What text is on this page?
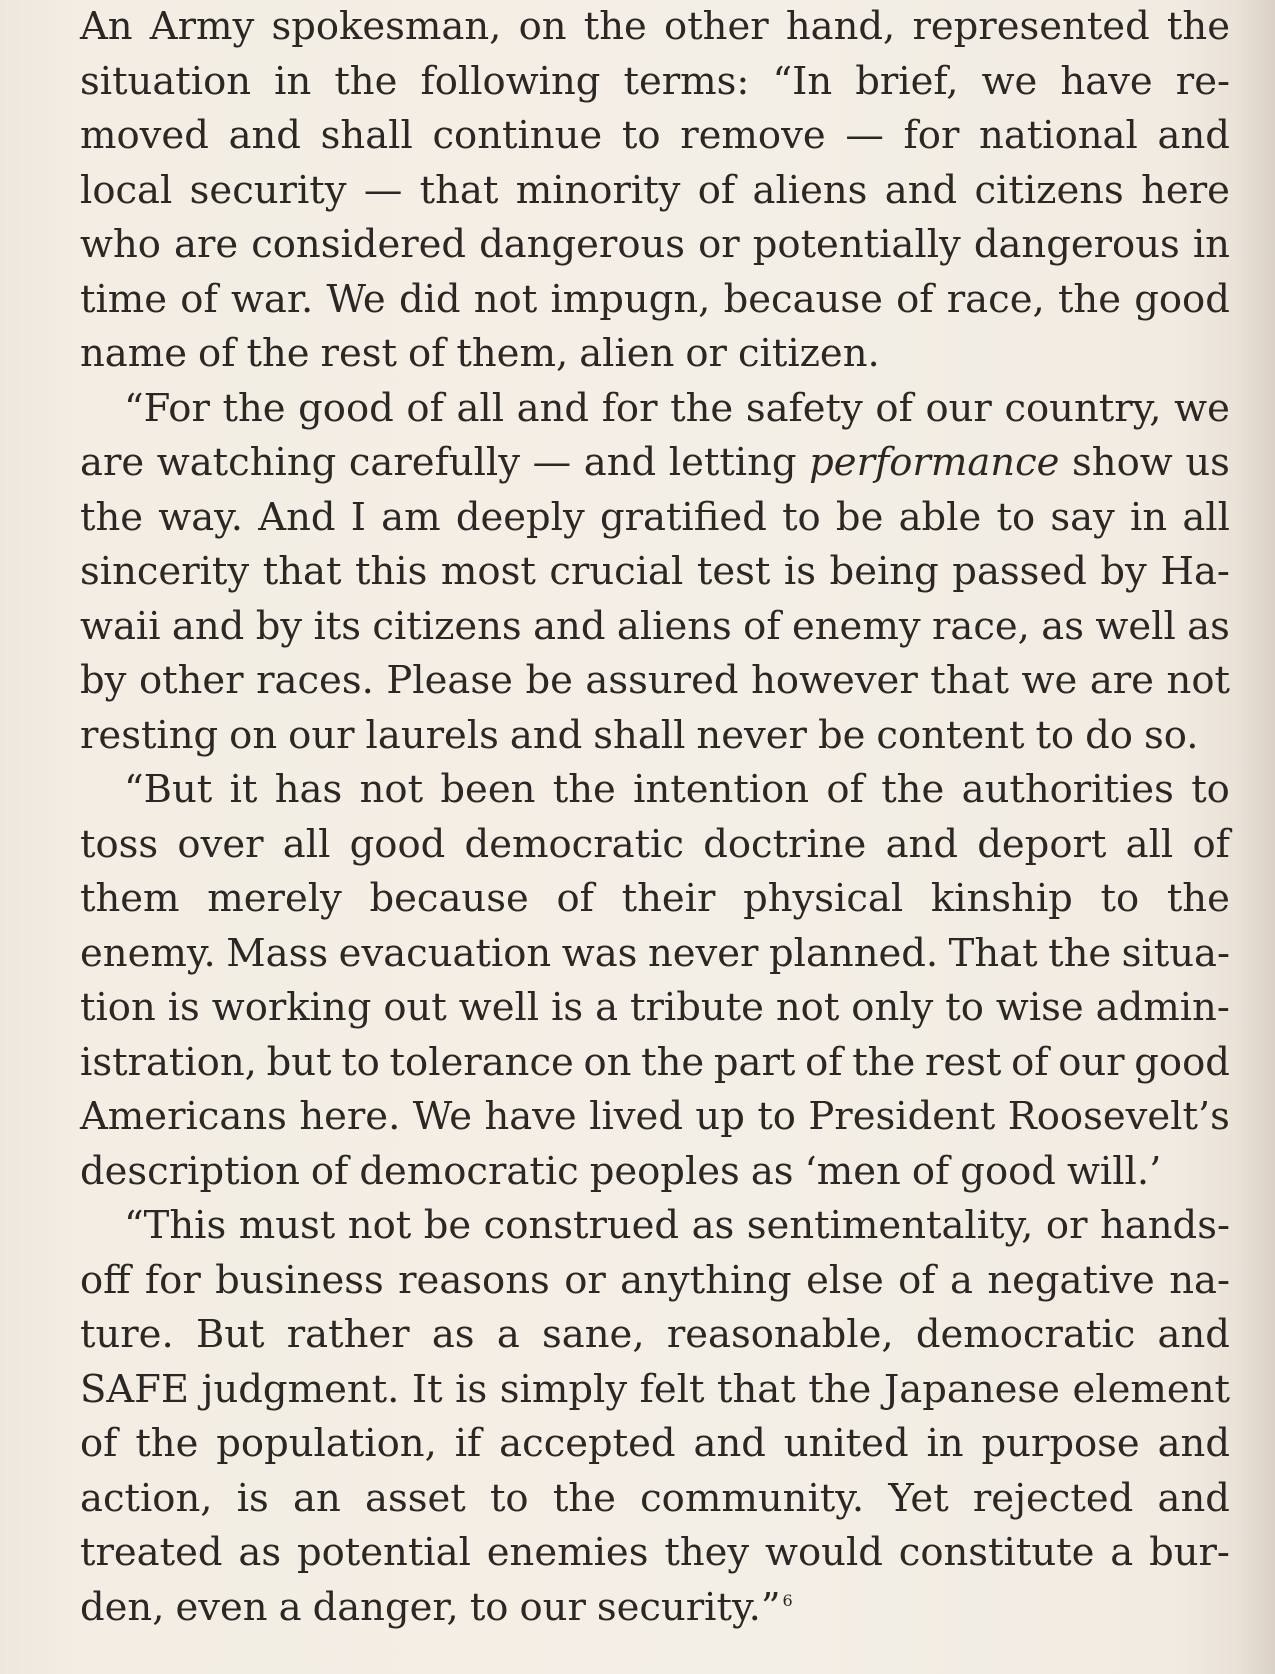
An Army spokesman, on the other hand, represented the
situation in the following terms: “In brief, we have re-
moved and shall continue to remove — for national and
local security — that minority of aliens and citizens here
who are considered dangerous or potentially dangerous in
time of war. We did not impugn, because of race, the good
name of the rest of them, alien or citizen.
“For the good of all and for the safety of our country, we
are watching carefully — and letting performance show us
the way. And I am deeply gratified to be able to say in all
sincerity that this most crucial test is being passed by Ha-
waii and by its citizens and aliens of enemy race, as well as
by other races. Please be assured however that we are not
resting on our laurels and shall never be content to do so.
“But it has not been the intention of the authorities to
toss over all good democratic doctrine and deport all of
them merely because of their physical kinship to the
enemy. Mass evacuation was never planned. That the situa-
tion is working out well is a tribute not only to wise admin-
istration, but to tolerance on the part of the rest of our good
Americans here. We have lived up to President Roosevelt’s
description of democratic peoples as ‘men of good will.’
“This must not be construed as sentimentality, or hands-
off for business reasons or anything else of a negative na-
ture. But rather as a sane, reasonable, democratic and
SAFE judgment. It is simply felt that the Japanese element
of the population, if accepted and united in purpose and
action, is an asset to the community. Yet rejected and
treated as potential enemies they would constitute a bur-
den, even a danger, to our security.” $^6$
